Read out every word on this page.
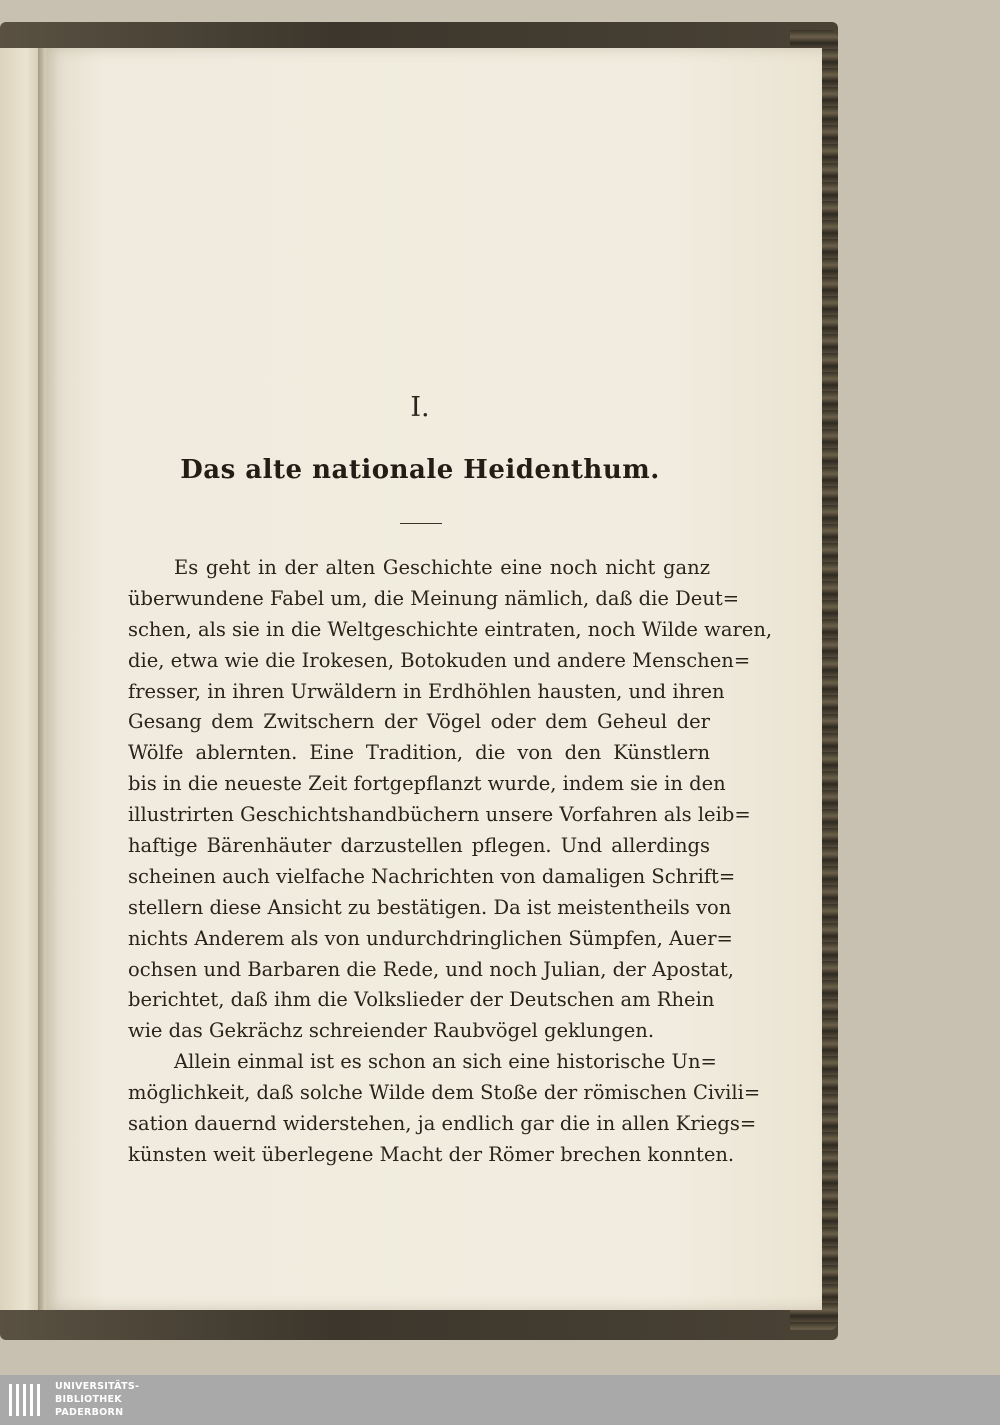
I.
Das alte nationale Heidenthum.
Es geht in der alten Geschichte eine noch nicht ganz
überwundene Fabel um, die Meinung nämlich, daß die Deut=
schen, als sie in die Weltgeschichte eintraten, noch Wilde waren,
die, etwa wie die Irokesen, Botokuden und andere Menschen=
fresser, in ihren Urwäldern in Erdhöhlen hausten, und ihren
Gesang dem Zwitschern der Vögel oder dem Geheul der
Wölfe ablernten. Eine Tradition, die von den Künstlern
bis in die neueste Zeit fortgepflanzt wurde, indem sie in den
illustrirten Geschichtshandbüchern unsere Vorfahren als leib=
haftige Bärenhäuter darzustellen pflegen. Und allerdings
scheinen auch vielfache Nachrichten von damaligen Schrift=
stellern diese Ansicht zu bestätigen. Da ist meistentheils von
nichts Anderem als von undurchdringlichen Sümpfen, Auer=
ochsen und Barbaren die Rede, und noch Julian, der Apostat,
berichtet, daß ihm die Volkslieder der Deutschen am Rhein
wie das Gekrächz schreiender Raubvögel geklungen.
Allein einmal ist es schon an sich eine historische Un=
möglichkeit, daß solche Wilde dem Stoße der römischen Civili=
sation dauernd widerstehen, ja endlich gar die in allen Kriegs=
künsten weit überlegene Macht der Römer brechen konnten.
UNIVERSITÄTS-
BIBLIOTHEK
PADERBORN
